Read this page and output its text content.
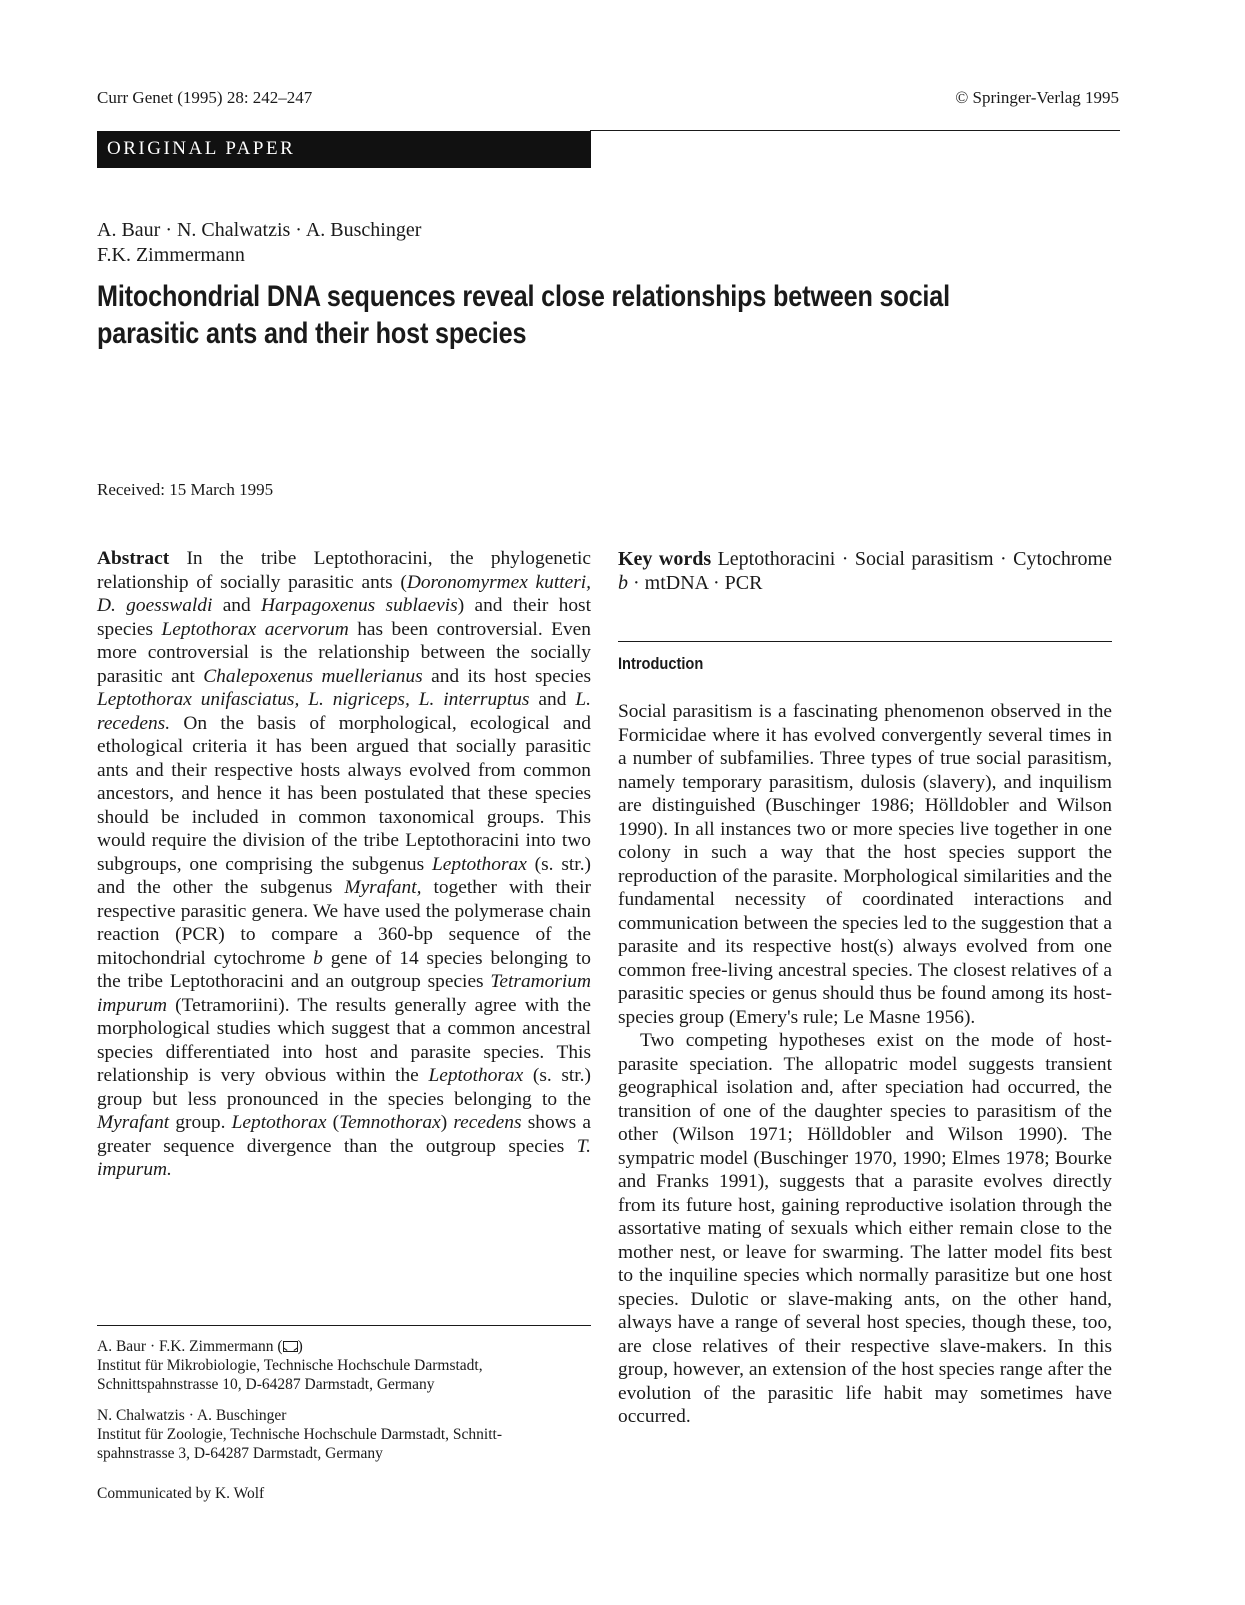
Curr Genet (1995) 28: 242–247	© Springer-Verlag 1995
ORIGINAL PAPER
A. Baur · N. Chalwatzis · A. Buschinger
F.K. Zimmermann
Mitochondrial DNA sequences reveal close relationships between social
parasitic ants and their host species
Received: 15 March 1995
Abstract In the tribe Leptothoracini, the phylogenetic relationship of socially parasitic ants (Doronomyrmex kutteri, D. goesswaldi and Harpagoxenus sublaevis) and their host species Leptothorax acervorum has been controversial. Even more controversial is the relationship between the socially parasitic ant Chalepoxenus muellerianus and its host species Leptothorax unifasciatus, L. nigriceps, L. interruptus and L. recedens. On the basis of morphological, ecological and ethological criteria it has been argued that socially parasitic ants and their respective hosts always evolved from common ancestors, and hence it has been postulated that these species should be included in common taxonomical groups. This would require the division of the tribe Leptothoracini into two subgroups, one comprising the subgenus Leptothorax (s. str.) and the other the subgenus Myrafant, together with their respective parasitic genera. We have used the polymerase chain reaction (PCR) to compare a 360-bp sequence of the mitochondrial cytochrome b gene of 14 species belonging to the tribe Leptothoracini and an outgroup species Tetramorium impurum (Tetramoriini). The results generally agree with the morphological studies which suggest that a common ancestral species differentiated into host and parasite species. This relationship is very obvious within the Leptothorax (s. str.) group but less pronounced in the species belonging to the Myrafant group. Leptothorax (Temnothorax) recedens shows a greater sequence divergence than the outgroup species T. impurum.
Key words Leptothoracini · Social parasitism · Cytochrome b · mtDNA · PCR
Introduction

Social parasitism is a fascinating phenomenon observed in the Formicidae where it has evolved convergently several times in a number of subfamilies. Three types of true social parasitism, namely temporary parasitism, dulosis (slavery), and inquilism are distinguished (Buschinger 1986; Hölldobler and Wilson 1990). In all instances two or more species live together in one colony in such a way that the host species support the reproduction of the parasite. Morphological similarities and the fundamental necessity of coordinated interactions and communication between the species led to the suggestion that a parasite and its respective host(s) always evolved from one common free-living ancestral species. The closest relatives of a parasitic species or genus should thus be found among its host-species group (Emery's rule; Le Masne 1956).

Two competing hypotheses exist on the mode of host-parasite speciation. The allopatric model suggests transient geographical isolation and, after speciation had occurred, the transition of one of the daughter species to parasitism of the other (Wilson 1971; Hölldobler and Wilson 1990). The sympatric model (Buschinger 1970, 1990; Elmes 1978; Bourke and Franks 1991), suggests that a parasite evolves directly from its future host, gaining reproductive isolation through the assortative mating of sexuals which either remain close to the mother nest, or leave for swarming. The latter model fits best to the inquiline species which normally parasitize but one host species. Dulotic or slave-making ants, on the other hand, always have a range of several host species, though these, too, are close relatives of their respective slave-makers. In this group, however, an extension of the host species range after the evolution of the parasitic life habit may sometimes have occurred.

A. Baur · F.K. Zimmermann ( )
Institut für Mikrobiologie, Technische Hochschule Darmstadt,
Schnittspahnstrasse 10, D-64287 Darmstadt, Germany
N. Chalwatzis · A. Buschinger
Institut für Zoologie, Technische Hochschule Darmstadt, Schnitt-
spahnstrasse 3, D-64287 Darmstadt, Germany
Communicated by K. Wolf
